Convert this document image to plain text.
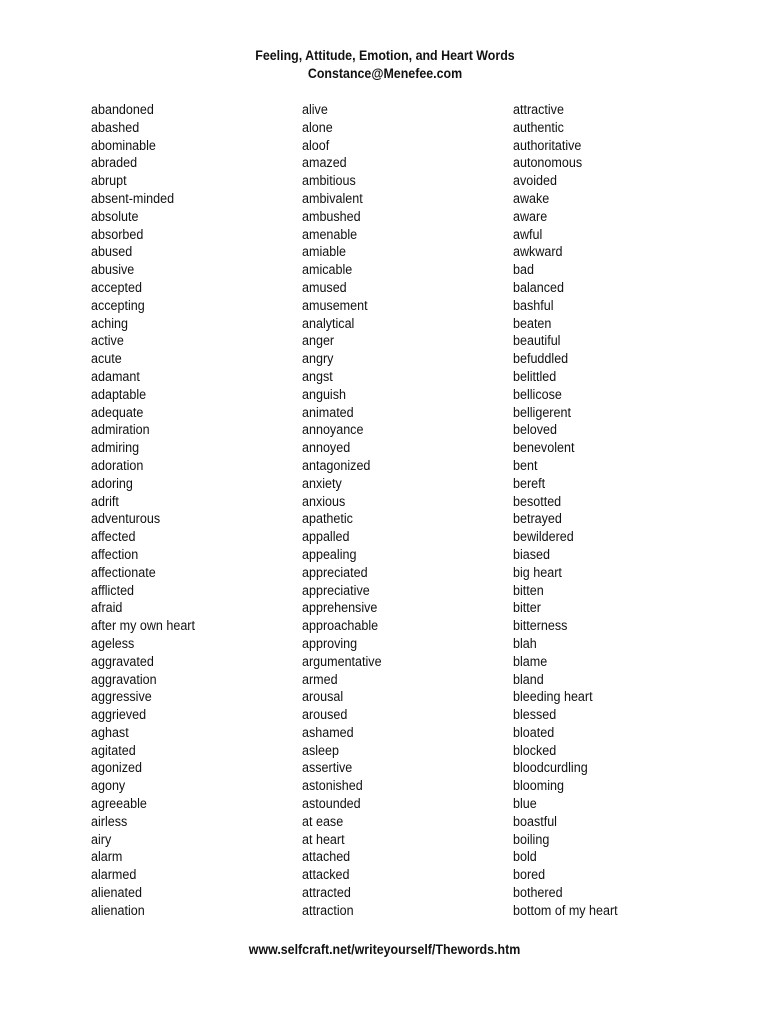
Feeling, Attitude, Emotion, and Heart Words
Constance@Menefee.com
abandoned
abashed
abominable
abraded
abrupt
absent-minded
absolute
absorbed
abused
abusive
accepted
accepting
aching
active
acute
adamant
adaptable
adequate
admiration
admiring
adoration
adoring
adrift
adventurous
affected
affection
affectionate
afflicted
afraid
after my own heart
ageless
aggravated
aggravation
aggressive
aggrieved
aghast
agitated
agonized
agony
agreeable
airless
airy
alarm
alarmed
alienated
alienation
alive
alone
aloof
amazed
ambitious
ambivalent
ambushed
amenable
amiable
amicable
amused
amusement
analytical
anger
angry
angst
anguish
animated
annoyance
annoyed
antagonized
anxiety
anxious
apathetic
appalled
appealing
appreciated
appreciative
apprehensive
approachable
approving
argumentative
armed
arousal
aroused
ashamed
asleep
assertive
astonished
astounded
at ease
at heart
attached
attacked
attracted
attraction
attractive
authentic
authoritative
autonomous
avoided
awake
aware
awful
awkward
bad
balanced
bashful
beaten
beautiful
befuddled
belittled
bellicose
belligerent
beloved
benevolent
bent
bereft
besotted
betrayed
bewildered
biased
big heart
bitten
bitter
bitterness
blah
blame
bland
bleeding heart
blessed
bloated
blocked
bloodcurdling
blooming
blue
boastful
boiling
bold
bored
bothered
bottom of my heart
www.selfcraft.net/writeyourself/Thewords.htm
